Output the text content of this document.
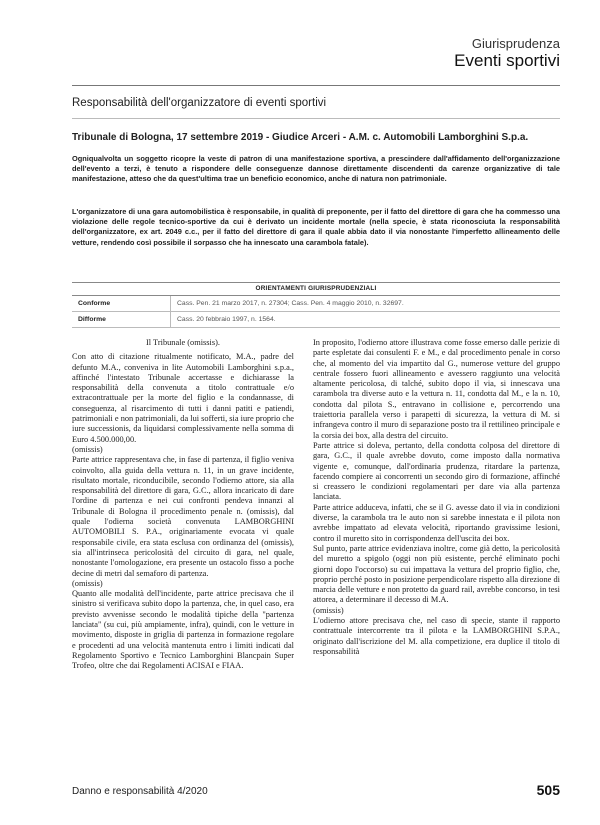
Giurisprudenza
Eventi sportivi
Responsabilità dell'organizzatore di eventi sportivi
Tribunale di Bologna, 17 settembre 2019 - Giudice Arceri - A.M. c. Automobili Lamborghini S.p.a.
Ogniqualvolta un soggetto ricopre la veste di patron di una manifestazione sportiva, a prescindere dall'affidamento dell'organizzazione dell'evento a terzi, è tenuto a rispondere delle conseguenze dannose direttamente discendenti da carenze organizzative di tale manifestazione, atteso che da quest'ultima trae un beneficio economico, anche di natura non patrimoniale.
L'organizzatore di una gara automobilistica è responsabile, in qualità di preponente, per il fatto del direttore di gara che ha commesso una violazione delle regole tecnico-sportive da cui è derivato un incidente mortale (nella specie, è stata riconosciuta la responsabilità dell'organizzatore, ex art. 2049 c.c., per il fatto del direttore di gara il quale abbia dato il via nonostante l'imperfetto allineamento delle vetture, rendendo così possibile il sorpasso che ha innescato una carambola fatale).
ORIENTAMENTI GIURISPRUDENZIALI
Conforme	Cass. Pen. 21 marzo 2017, n. 27304; Cass. Pen. 4 maggio 2010, n. 32697.
Difforme	Cass. 20 febbraio 1997, n. 1564.

Il Tribunale (omissis).

Con atto di citazione ritualmente notificato, M.A., padre del defunto M.A., conveniva in lite Automobili Lamborghini s.p.a., affinché l'intestato Tribunale accertasse e dichiarasse la responsabilità della convenuta a titolo contrattuale e/o extracontrattuale per la morte del figlio e la condannasse, di conseguenza, al risarcimento di tutti i danni patiti e patiendi, patrimoniali e non patrimoniali, da lui sofferti, sia iure proprio che iure successionis, da liquidarsi complessivamente nella somma di Euro 4.500.000,00.

(omissis)

Parte attrice rappresentava che, in fase di partenza, il figlio veniva coinvolto, alla guida della vettura n. 11, in un grave incidente, risultato mortale, riconducibile, secondo l'odierno attore, sia alla responsabilità del direttore di gara, G.C., allora incaricato di dare l'ordine di partenza e nei cui confronti pendeva innanzi al Tribunale di Bologna il procedimento penale n. (omissis), dal quale l'odierna società convenuta LAMBORGHINI AUTOMOBILI S. P.A., originariamente evocata vi quale responsabile civile, era stata esclusa con ordinanza del (omissis), sia all'intrinseca pericolosità del circuito di gara, nel quale, nonostante l'omologazione, era presente un ostacolo fisso a poche decine di metri dal semaforo di partenza.

(omissis)

Quanto alle modalità dell'incidente, parte attrice precisava che il sinistro si verificava subito dopo la partenza, che, in quel caso, era previsto avvenisse secondo le modalità tipiche della "partenza lanciata" (su cui, più ampiamente, infra), quindi, con le vetture in movimento, disposte in griglia di partenza in formazione regolare e procedenti ad una velocità mantenuta entro i limiti indicati dal Regolamento Sportivo e Tecnico Lamborghini Blancpain Super Trofeo, oltre che dai Regolamenti ACISAI e FIAA.

In proposito, l'odierno attore illustrava come fosse emerso dalle perizie di parte espletate dai consulenti F. e M., e dal procedimento penale in corso che, al momento del via impartito dal G., numerose vetture del gruppo centrale fossero fuori allineamento e avessero raggiunto una velocità altamente pericolosa, di talché, subito dopo il via, si innescava una carambola tra diverse auto e la vettura n. 11, condotta dal M., e la n. 10, condotta dal pilota S., entravano in collisione e, percorrendo una traiettoria parallela verso i parapetti di sicurezza, la vettura di M. si infrangeva contro il muro di separazione posto tra il rettilineo principale e la corsia dei box, alla destra del circuito.

Parte attrice si doleva, pertanto, della condotta colposa del direttore di gara, G.C., il quale avrebbe dovuto, come imposto dalla normativa vigente e, comunque, dall'ordinaria prudenza, ritardare la partenza, facendo compiere ai concorrenti un secondo giro di formazione, affinché si creassero le condizioni regolamentari per dare via alla partenza lanciata.

Parte attrice adduceva, infatti, che se il G. avesse dato il via in condizioni diverse, la carambola tra le auto non si sarebbe innestata e il pilota non avrebbe impattato ad elevata velocità, riportando gravissime lesioni, contro il muretto sito in corrispondenza dell'uscita dei box.

Sul punto, parte attrice evidenziava inoltre, come già detto, la pericolosità del muretto a spigolo (oggi non più esistente, perché eliminato pochi giorni dopo l'occorso) su cui impattava la vettura del proprio figlio, che, proprio perché posto in posizione perpendicolare rispetto alla direzione di marcia delle vetture e non protetto da guard rail, avrebbe concorso, in tesi attorea, a determinare il decesso di M.A.

(omissis)

L'odierno attore precisava che, nel caso di specie, stante il rapporto contrattuale intercorrente tra il pilota e la LAMBORGHINI S.P.A., originato dall'iscrizione del M. alla competizione, era duplice il titolo di responsabilità

Danno e responsabilità 4/2020	505
